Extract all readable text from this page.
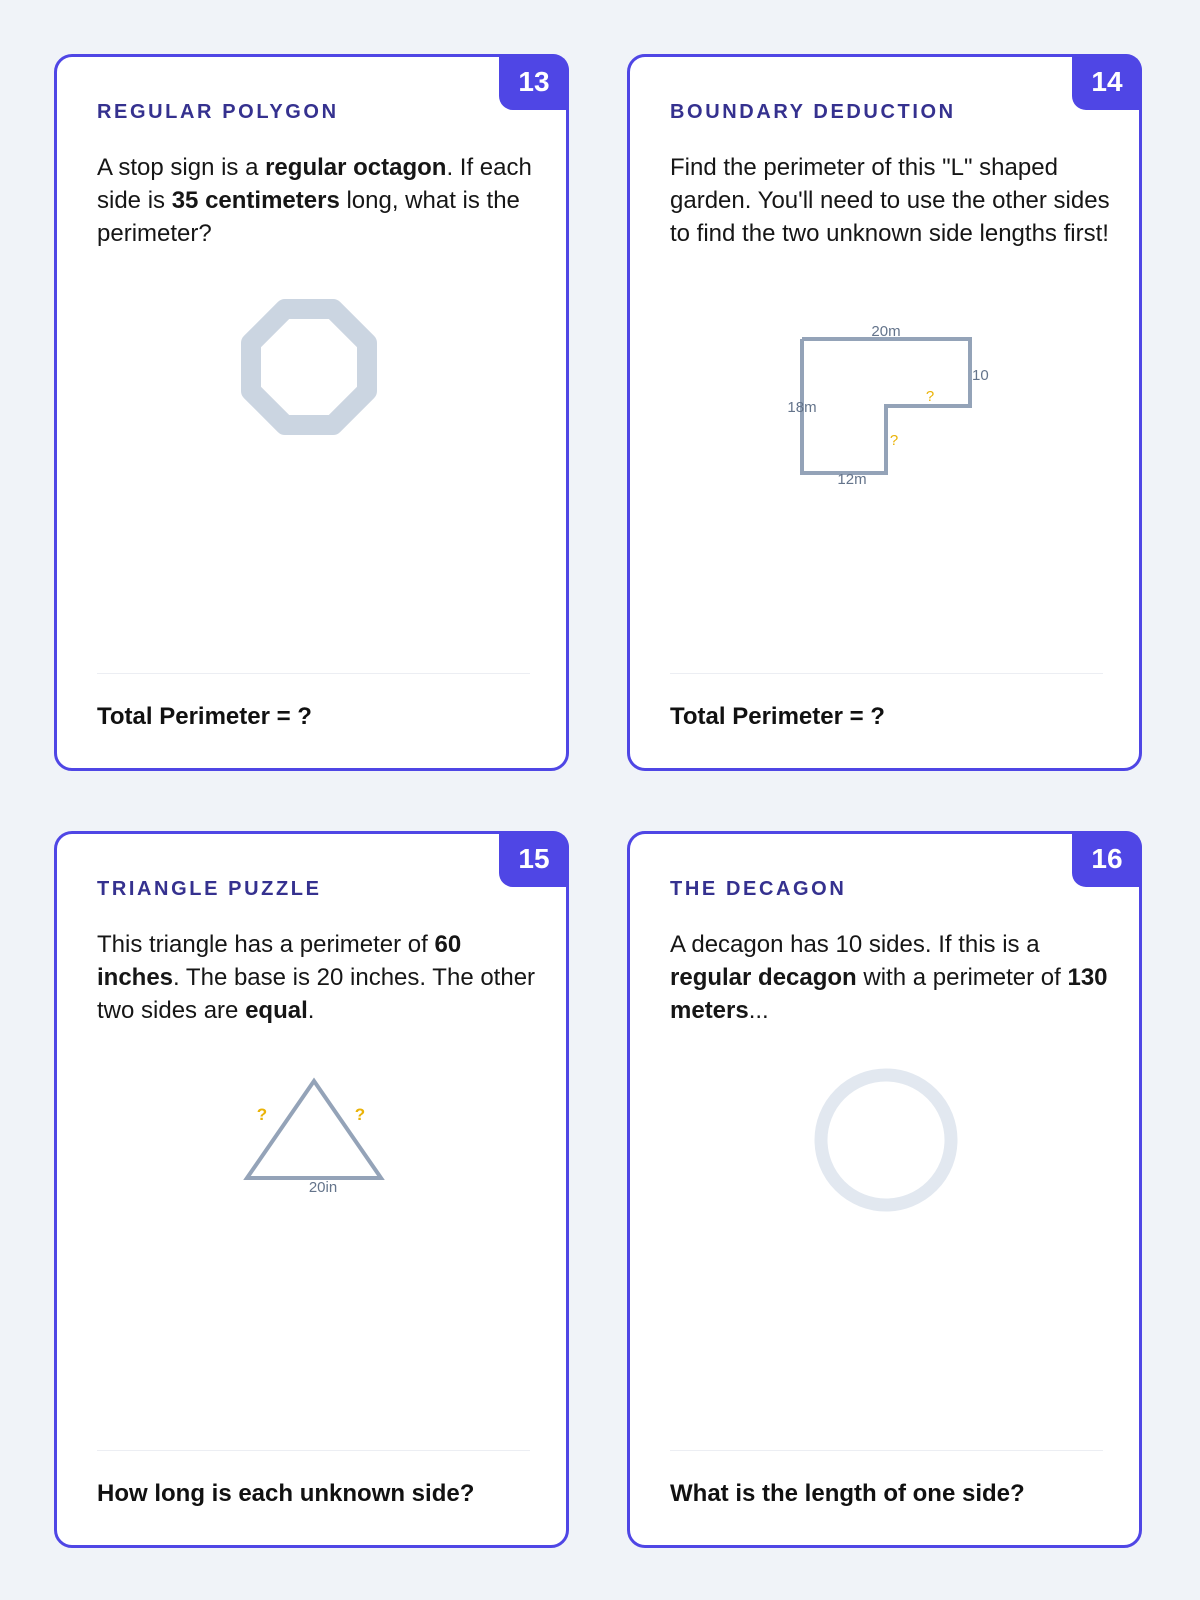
13
REGULAR POLYGON
A stop sign is a regular octagon. If each side is 35 centimeters long, what is the perimeter?
Total Perimeter = ?
14
BOUNDARY DEDUCTION
Find the perimeter of this "L" shaped garden. You'll need to use the other sides to find the two unknown side lengths first!
20m
10
18m
12m
?
?
Total Perimeter = ?
15
TRIANGLE PUZZLE
This triangle has a perimeter of 60 inches. The base is 20 inches. The other two sides are equal.
?	?
20in
How long is each unknown side?
16
THE DECAGON
A decagon has 10 sides. If this is a regular decagon with a perimeter of 130 meters...
What is the length of one side?
